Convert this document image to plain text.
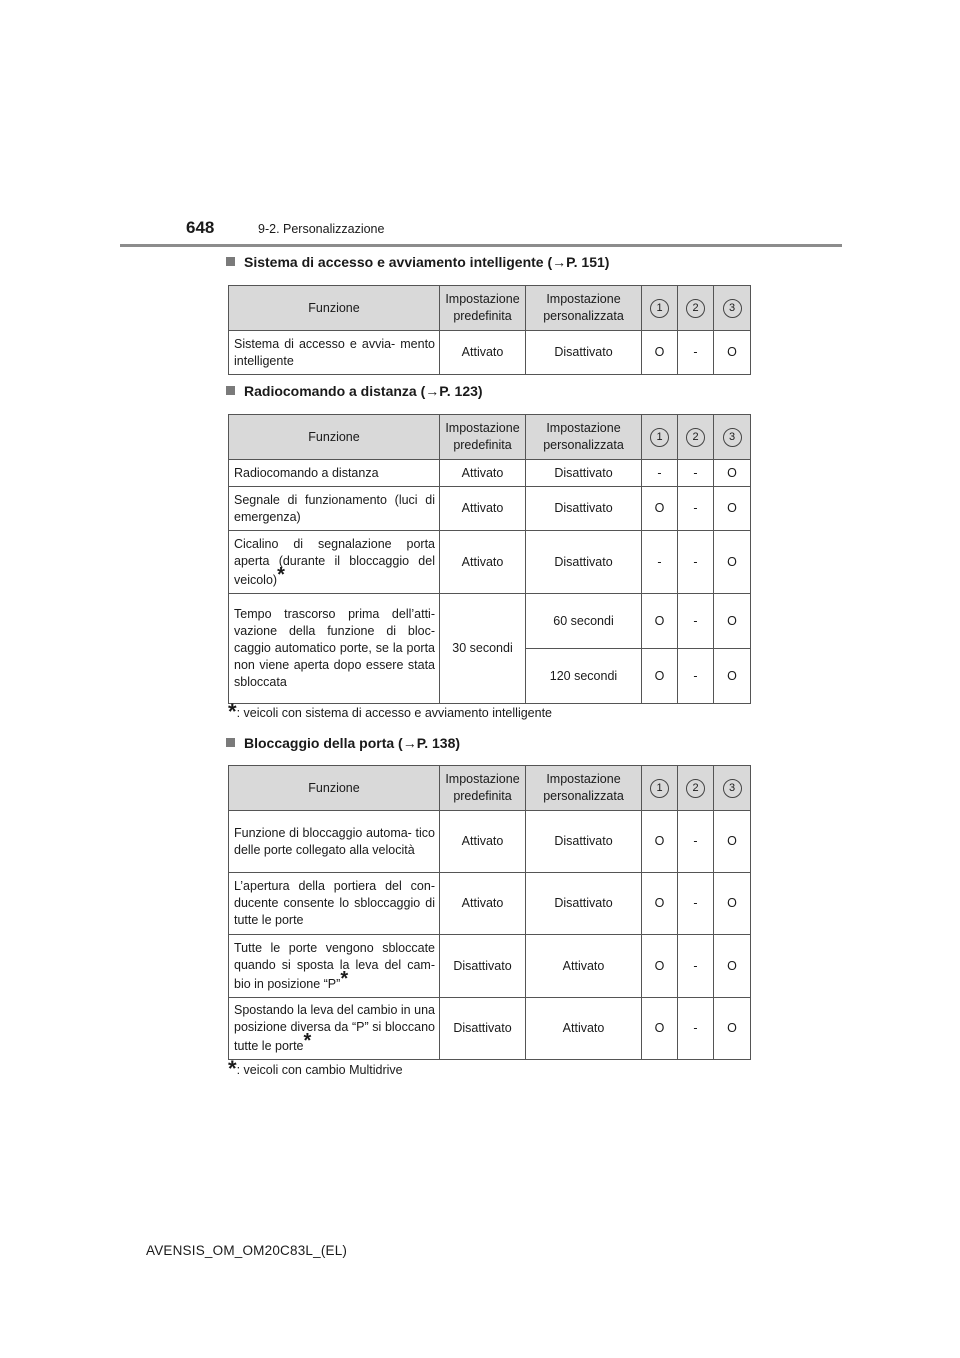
648	9-2. Personalizzazione
Sistema di accesso e avviamento intelligente (→P. 151)
Funzione	Impostazione predefinita	Impostazione personalizzata	1	2	3
Sistema di accesso e avvia- mento intelligente	Attivato	Disattivato	O	-	O
Radiocomando a distanza (→P. 123)
Funzione	Impostazione predefinita	Impostazione personalizzata	1	2	3
Radiocomando a distanza	Attivato	Disattivato	-	-	O
Segnale di funzionamento (luci di emergenza)	Attivato	Disattivato	O	-	O
Cicalino di segnalazione porta aperta (durante il bloccaggio del veicolo)*	Attivato	Disattivato	-	-	O
Tempo trascorso prima dell’atti- vazione della funzione di bloc- caggio automatico porte, se la porta non viene aperta dopo essere stata sbloccata	30 secondi	60 secondi	O	-	O
		120 secondi	O	-	O
*: veicoli con sistema di accesso e avviamento intelligente
Bloccaggio della porta (→P. 138)
Funzione	Impostazione predefinita	Impostazione personalizzata	1	2	3
Funzione di bloccaggio automa- tico delle porte collegato alla velocità	Attivato	Disattivato	O	-	O
L’apertura della portiera del con- ducente consente lo sbloccaggio di tutte le porte	Attivato	Disattivato	O	-	O
Tutte le porte vengono sbloccate quando si sposta la leva del cam- bio in posizione “P”*	Disattivato	Attivato	O	-	O
Spostando la leva del cambio in una posizione diversa da “P” si bloccano tutte le porte*	Disattivato	Attivato	O	-	O
*: veicoli con cambio Multidrive
AVENSIS_OM_OM20C83L_(EL)
